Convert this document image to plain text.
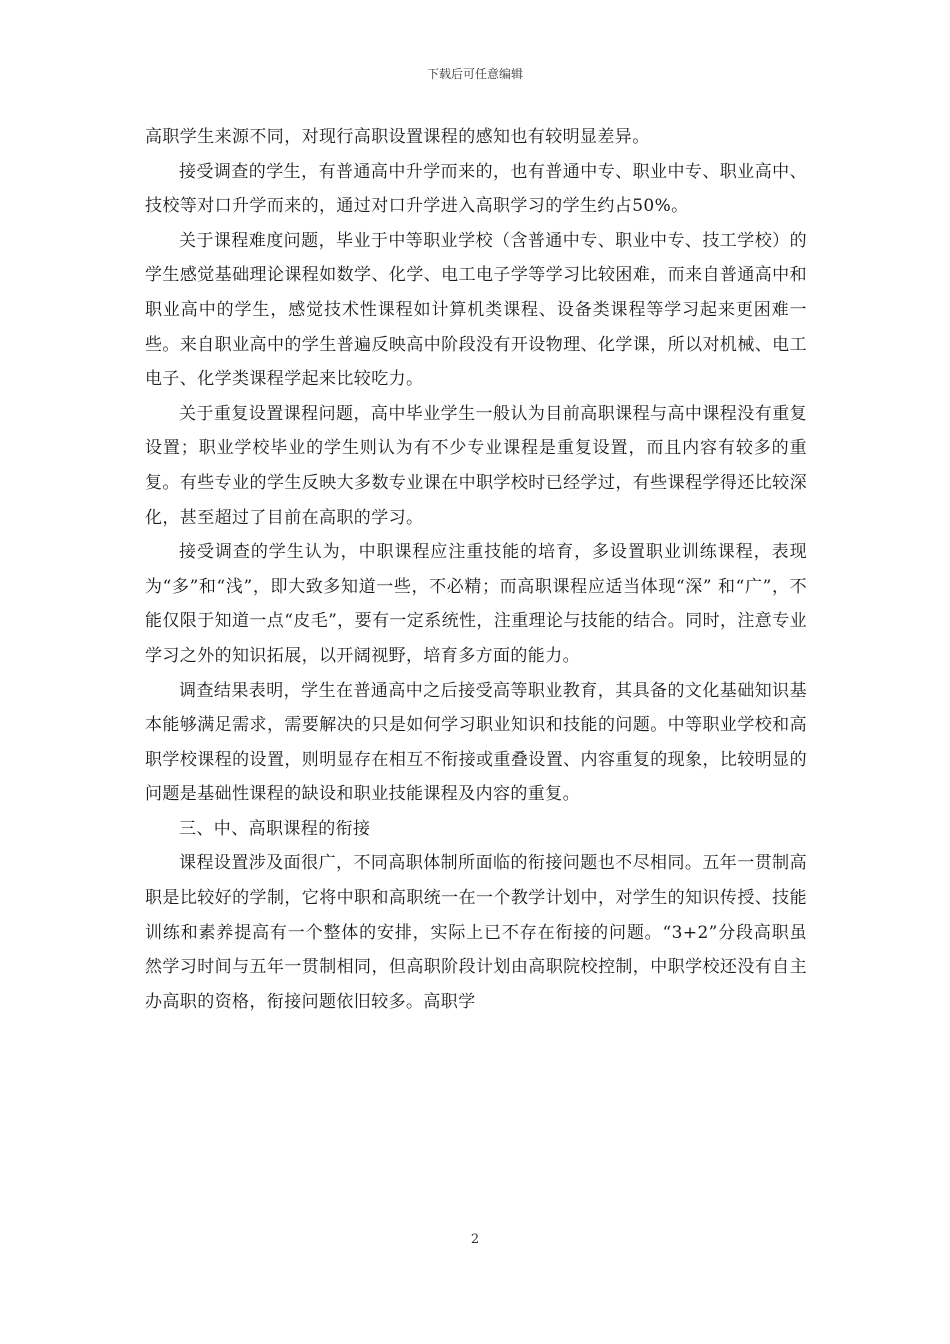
下载后可任意编辑

高职学生来源不同，对现行高职设置课程的感知也有较明显差异。

接受调查的学生，有普通高中升学而来的，也有普通中专、职业中专、职业高中、技校等对口升学而来的，通过对口升学进入高职学习的学生约占50%。

关于课程难度问题，毕业于中等职业学校（含普通中专、职业中专、技工学校）的学生感觉基础理论课程如数学、化学、电工电子学等学习比较困难，而来自普通高中和职业高中的学生，感觉技术性课程如计算机类课程、设备类课程等学习起来更困难一些。来自职业高中的学生普遍反映高中阶段没有开设物理、化学课，所以对机械、电工电子、化学类课程学起来比较吃力。

关于重复设置课程问题，高中毕业学生一般认为目前高职课程与高中课程没有重复设置；职业学校毕业的学生则认为有不少专业课程是重复设置，而且内容有较多的重复。有些专业的学生反映大多数专业课在中职学校时已经学过，有些课程学得还比较深化，甚至超过了目前在高职的学习。

接受调查的学生认为，中职课程应注重技能的培育，多设置职业训练课程，表现为“多”和“浅”，即大致多知道一些，不必精；而高职课程应适当体现“深” 和“广”，不能仅限于知道一点“皮毛”，要有一定系统性，注重理论与技能的结合。同时，注意专业学习之外的知识拓展，以开阔视野，培育多方面的能力。

调查结果表明，学生在普通高中之后接受高等职业教育，其具备的文化基础知识基本能够满足需求，需要解决的只是如何学习职业知识和技能的问题。中等职业学校和高职学校课程的设置，则明显存在相互不衔接或重叠设置、内容重复的现象，比较明显的问题是基础性课程的缺设和职业技能课程及内容的重复。

三、中、高职课程的衔接

课程设置涉及面很广，不同高职体制所面临的衔接问题也不尽相同。五年一贯制高职是比较好的学制，它将中职和高职统一在一个教学计划中，对学生的知识传授、技能训练和素养提高有一个整体的安排，实际上已不存在衔接的问题。“3+2”分段高职虽然学习时间与五年一贯制相同，但高职阶段计划由高职院校控制，中职学校还没有自主办高职的资格，衔接问题依旧较多。高职学

2
